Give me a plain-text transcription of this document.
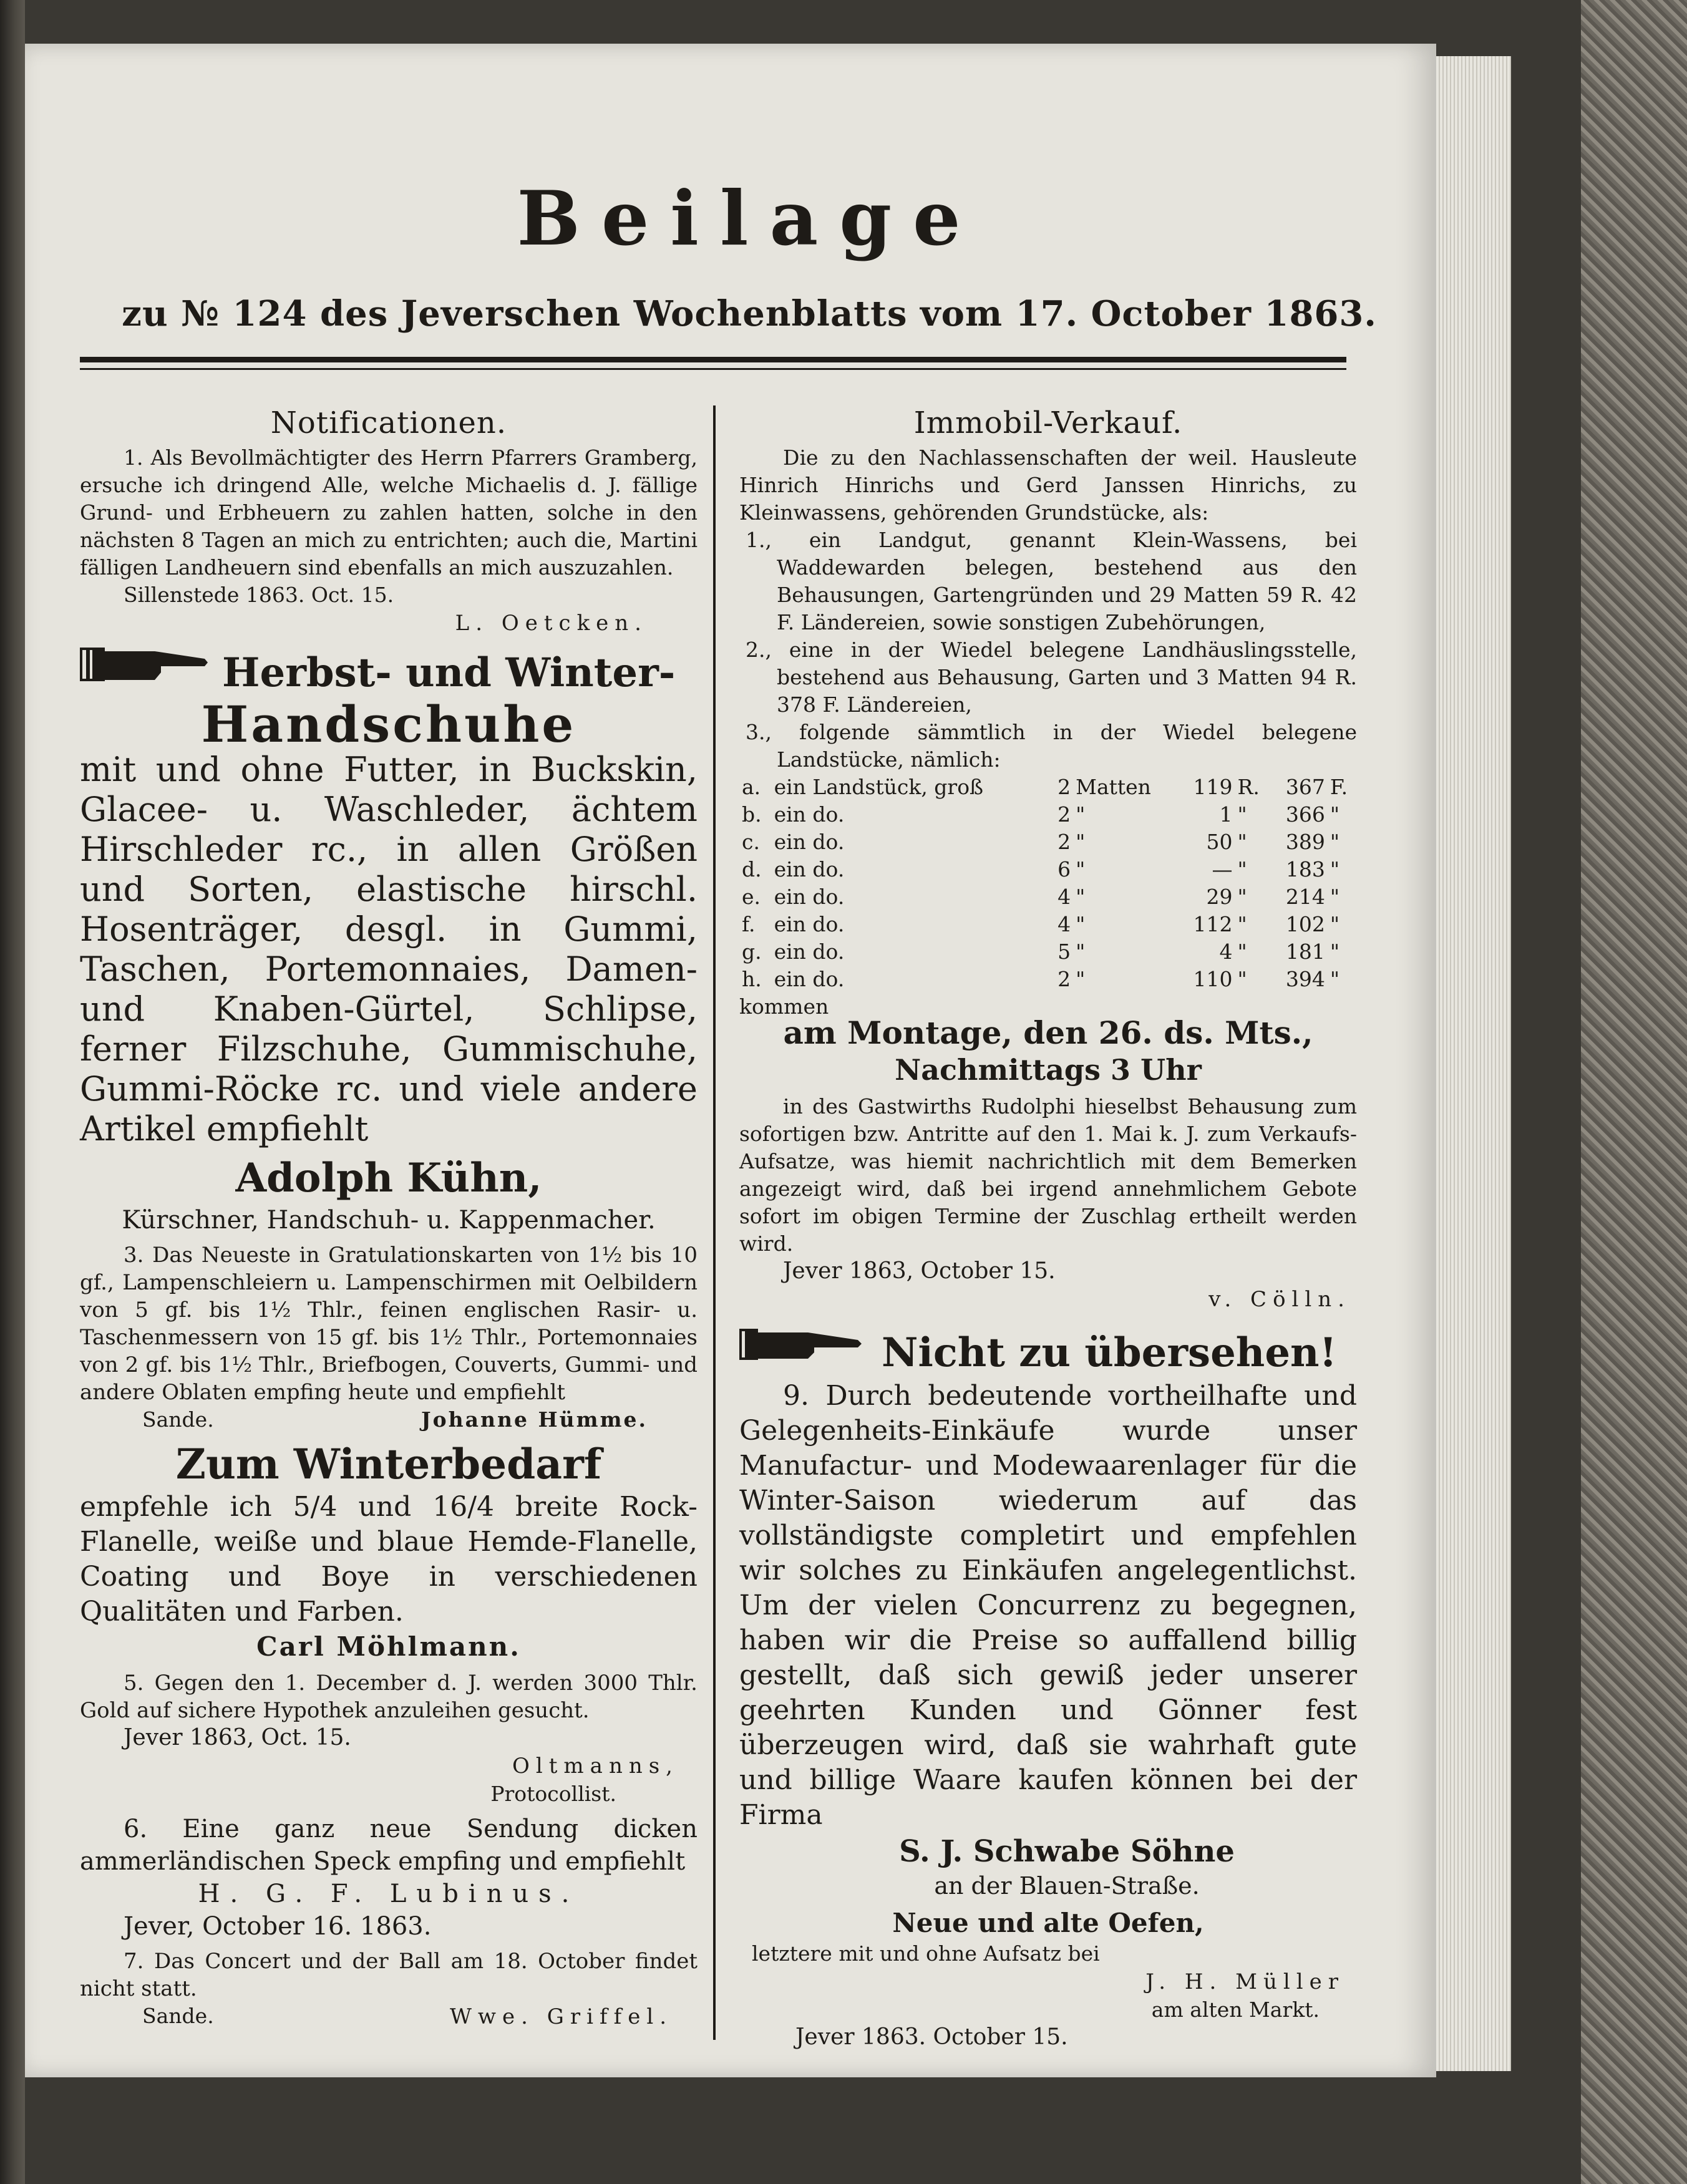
Beilage
zu № 124 des Jeverschen Wochenblatts vom 17. October 1863.

Notificationen.

1. Als Bevollmächtigter des Herrn Pfarrers Gramberg, ersuche ich dringend Alle, welche Michaelis d. J. fällige Grund- und Erbheuern zu zahlen hatten, solche in den nächsten 8 Tagen an mich zu entrichten; auch die, Martini fälligen Landheuern sind ebenfalls an mich auszuzahlen.

Sillenstede 1863. Oct. 15.

L. Oetcken.

Herbst- und Winter-

Handschuhe

mit und ohne Futter, in Buckskin, Glacee- u. Waschleder, ächtem Hirschleder rc., in allen Größen und Sorten, elastische hirschl. Hosenträger, desgl. in Gummi, Taschen, Portemonnaies, Damen- und Knaben-Gürtel, Schlipse, ferner Filzschuhe, Gummischuhe, Gummi-Röcke rc. und viele andere Artikel empfiehlt

Adolph Kühn,

Kürschner, Handschuh- u. Kappenmacher.

3. Das Neueste in Gratulationskarten von 1½ bis 10 gf., Lampenschleiern u. Lampenschirmen mit Oelbildern von 5 gf. bis 1½ Thlr., feinen englischen Rasir- u. Taschenmessern von 15 gf. bis 1½ Thlr., Portemonnaies von 2 gf. bis 1½ Thlr., Briefbogen, Couverts, Gummi- und andere Oblaten empfing heute und empfiehlt

Sande.	Johanne Hümme.

Zum Winterbedarf

empfehle ich 5/4 und 16/4 breite Rock-Flanelle, weiße und blaue Hemde-Flanelle, Coating und Boye in verschiedenen Qualitäten und Farben.

Carl Möhlmann.

5. Gegen den 1. December d. J. werden 3000 Thlr. Gold auf sichere Hypothek anzuleihen gesucht.

Jever 1863, Oct. 15.

Oltmanns,

Protocollist.

6. Eine ganz neue Sendung dicken ammerländischen Speck empfing und empfiehlt

H. G. F. Lubinus.

Jever, October 16. 1863.

7. Das Concert und der Ball am 18. October findet nicht statt.

Sande.	Wwe. Griffel.

Immobil-Verkauf.

Die zu den Nachlassenschaften der weil. Hausleute Hinrich Hinrichs und Gerd Janssen Hinrichs, zu Kleinwassens, gehörenden Grundstücke, als:

1., ein Landgut, genannt Klein-Wassens, bei Waddewarden belegen, bestehend aus den Behausungen, Gartengründen und 29 Matten 59 R. 42 F. Ländereien, sowie sonstigen Zubehörungen,

2., eine in der Wiedel belegene Landhäuslingsstelle, bestehend aus Behausung, Garten und 3 Matten 94 R. 378 F. Ländereien,

3., folgende sämmtlich in der Wiedel belegene Landstücke, nämlich:

a.	ein Landstück, groß	2	Matten	119	R.	367	F.
b.	ein do.	2	"	1	"	366	"
c.	ein do.	2	"	50	"	389	"
d.	ein do.	6	"	—	"	183	"
e.	ein do.	4	"	29	"	214	"
f.	ein do.	4	"	112	"	102	"
g.	ein do.	5	"	4	"	181	"
h.	ein do.	2	"	110	"	394	"

kommen

am Montage, den 26. ds. Mts.,

Nachmittags 3 Uhr

in des Gastwirths Rudolphi hieselbst Behausung zum sofortigen bzw. Antritte auf den 1. Mai k. J. zum Verkaufs-Aufsatze, was hiemit nachrichtlich mit dem Bemerken angezeigt wird, daß bei irgend annehmlichem Gebote sofort im obigen Termine der Zuschlag ertheilt werden wird.

Jever 1863, October 15.

v. Cölln.

Nicht zu übersehen!

9. Durch bedeutende vortheilhafte und Gelegenheits-Einkäufe wurde unser Manufactur- und Modewaarenlager für die Winter-Saison wiederum auf das vollständigste completirt und empfehlen wir solches zu Einkäufen angelegentlichst. Um der vielen Concurrenz zu begegnen, haben wir die Preise so auffallend billig gestellt, daß sich gewiß jeder unserer geehrten Kunden und Gönner fest überzeugen wird, daß sie wahrhaft gute und billige Waare kaufen können bei der Firma

S. J. Schwabe Söhne

an der Blauen-Straße.

Neue und alte Oefen,

letztere mit und ohne Aufsatz bei

J. H. Müller

am alten Markt.

Jever 1863. October 15.
